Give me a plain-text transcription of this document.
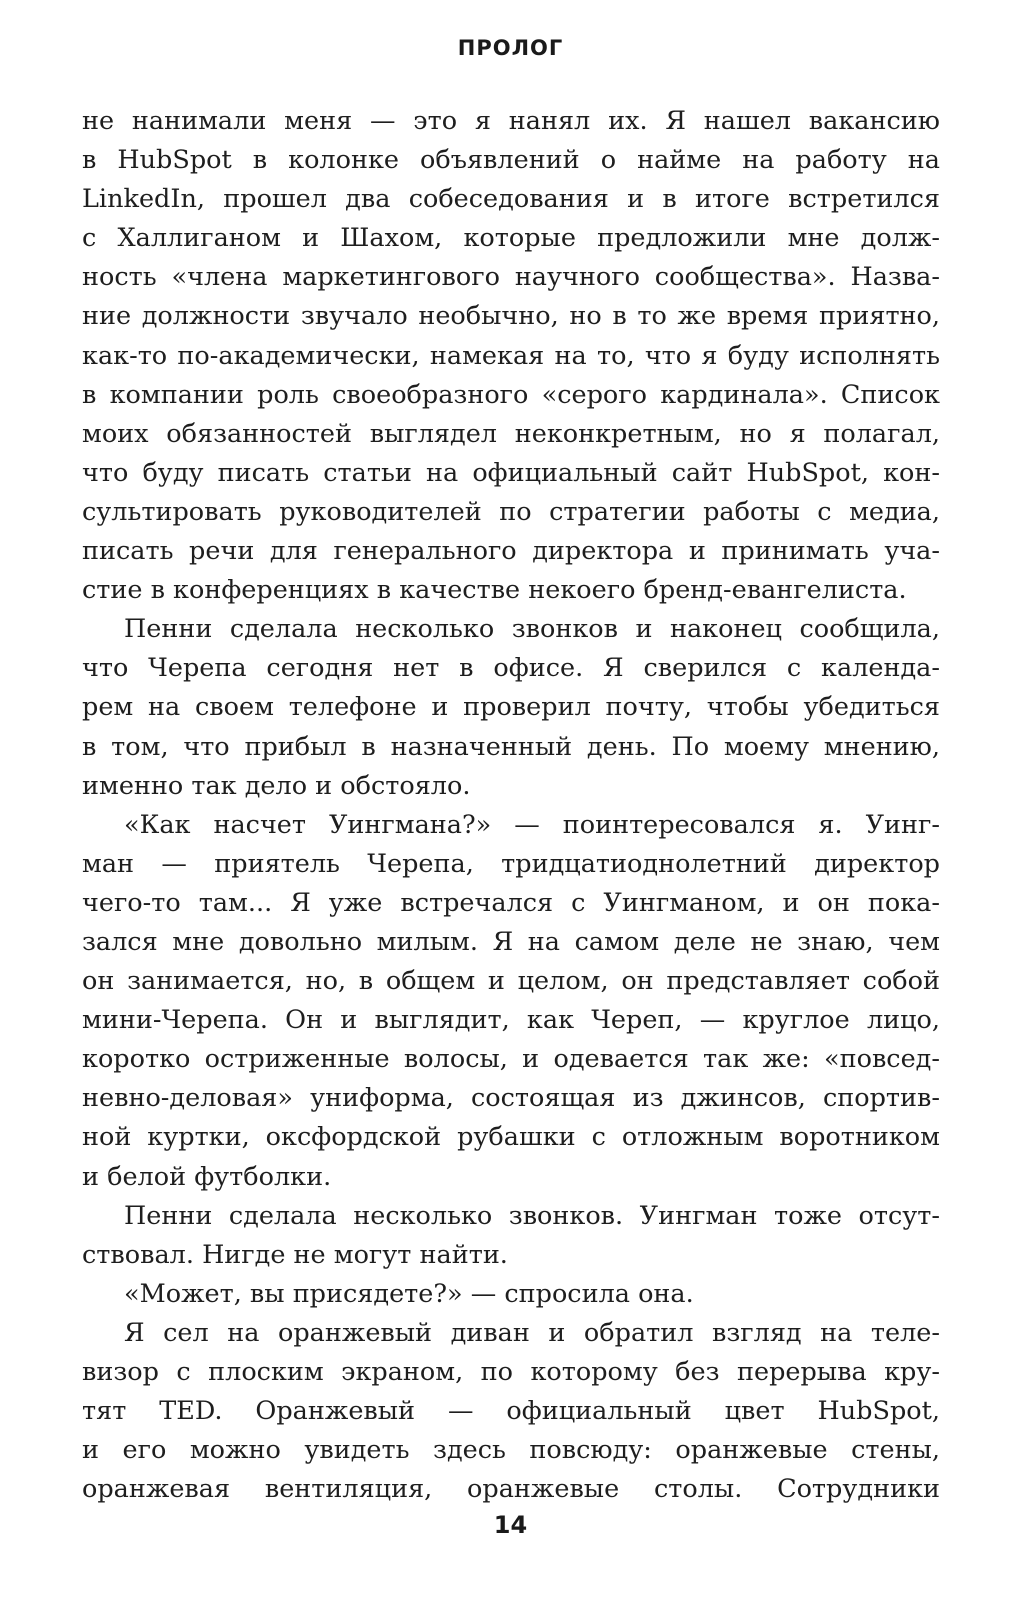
ПРОЛОГ
не нанимали меня — это я нанял их. Я нашел вакансию
в HubSpot в колонке объявлений о найме на работу на
LinkedIn, прошел два собеседования и в итоге встретился
с Халлиганом и Шахом, которые предложили мне долж-
ность «члена маркетингового научного сообщества». Назва-
ние должности звучало необычно, но в то же время приятно,
как-то по-академически, намекая на то, что я буду исполнять
в компании роль своеобразного «серого кардинала». Список
моих обязанностей выглядел неконкретным, но я полагал,
что буду писать статьи на официальный сайт HubSpot, кон-
сультировать руководителей по стратегии работы с медиа,
писать речи для генерального директора и принимать уча-
стие в конференциях в качестве некоего бренд-евангелиста.
Пенни сделала несколько звонков и наконец сообщила,
что Черепа сегодня нет в офисе. Я сверился с календа-
рем на своем телефоне и проверил почту, чтобы убедиться
в том, что прибыл в назначенный день. По моему мнению,
именно так дело и обстояло.
«Как насчет Уингмана?» — поинтересовался я. Уинг-
ман — приятель Черепа, тридцатиоднолетний директор
чего-то там... Я уже встречался с Уингманом, и он пока-
зался мне довольно милым. Я на самом деле не знаю, чем
он занимается, но, в общем и целом, он представляет собой
мини-Черепа. Он и выглядит, как Череп, — круглое лицо,
коротко остриженные волосы, и одевается так же: «повсед-
невно-деловая» униформа, состоящая из джинсов, спортив-
ной куртки, оксфордской рубашки с отложным воротником
и белой футболки.
Пенни сделала несколько звонков. Уингман тоже отсут-
ствовал. Нигде не могут найти.
«Может, вы присядете?» — спросила она.
Я сел на оранжевый диван и обратил взгляд на теле-
визор с плоским экраном, по которому без перерыва кру-
тят TED. Оранжевый — официальный цвет HubSpot,
и его можно увидеть здесь повсюду: оранжевые стены,
оранжевая вентиляция, оранжевые столы. Сотрудники
14
